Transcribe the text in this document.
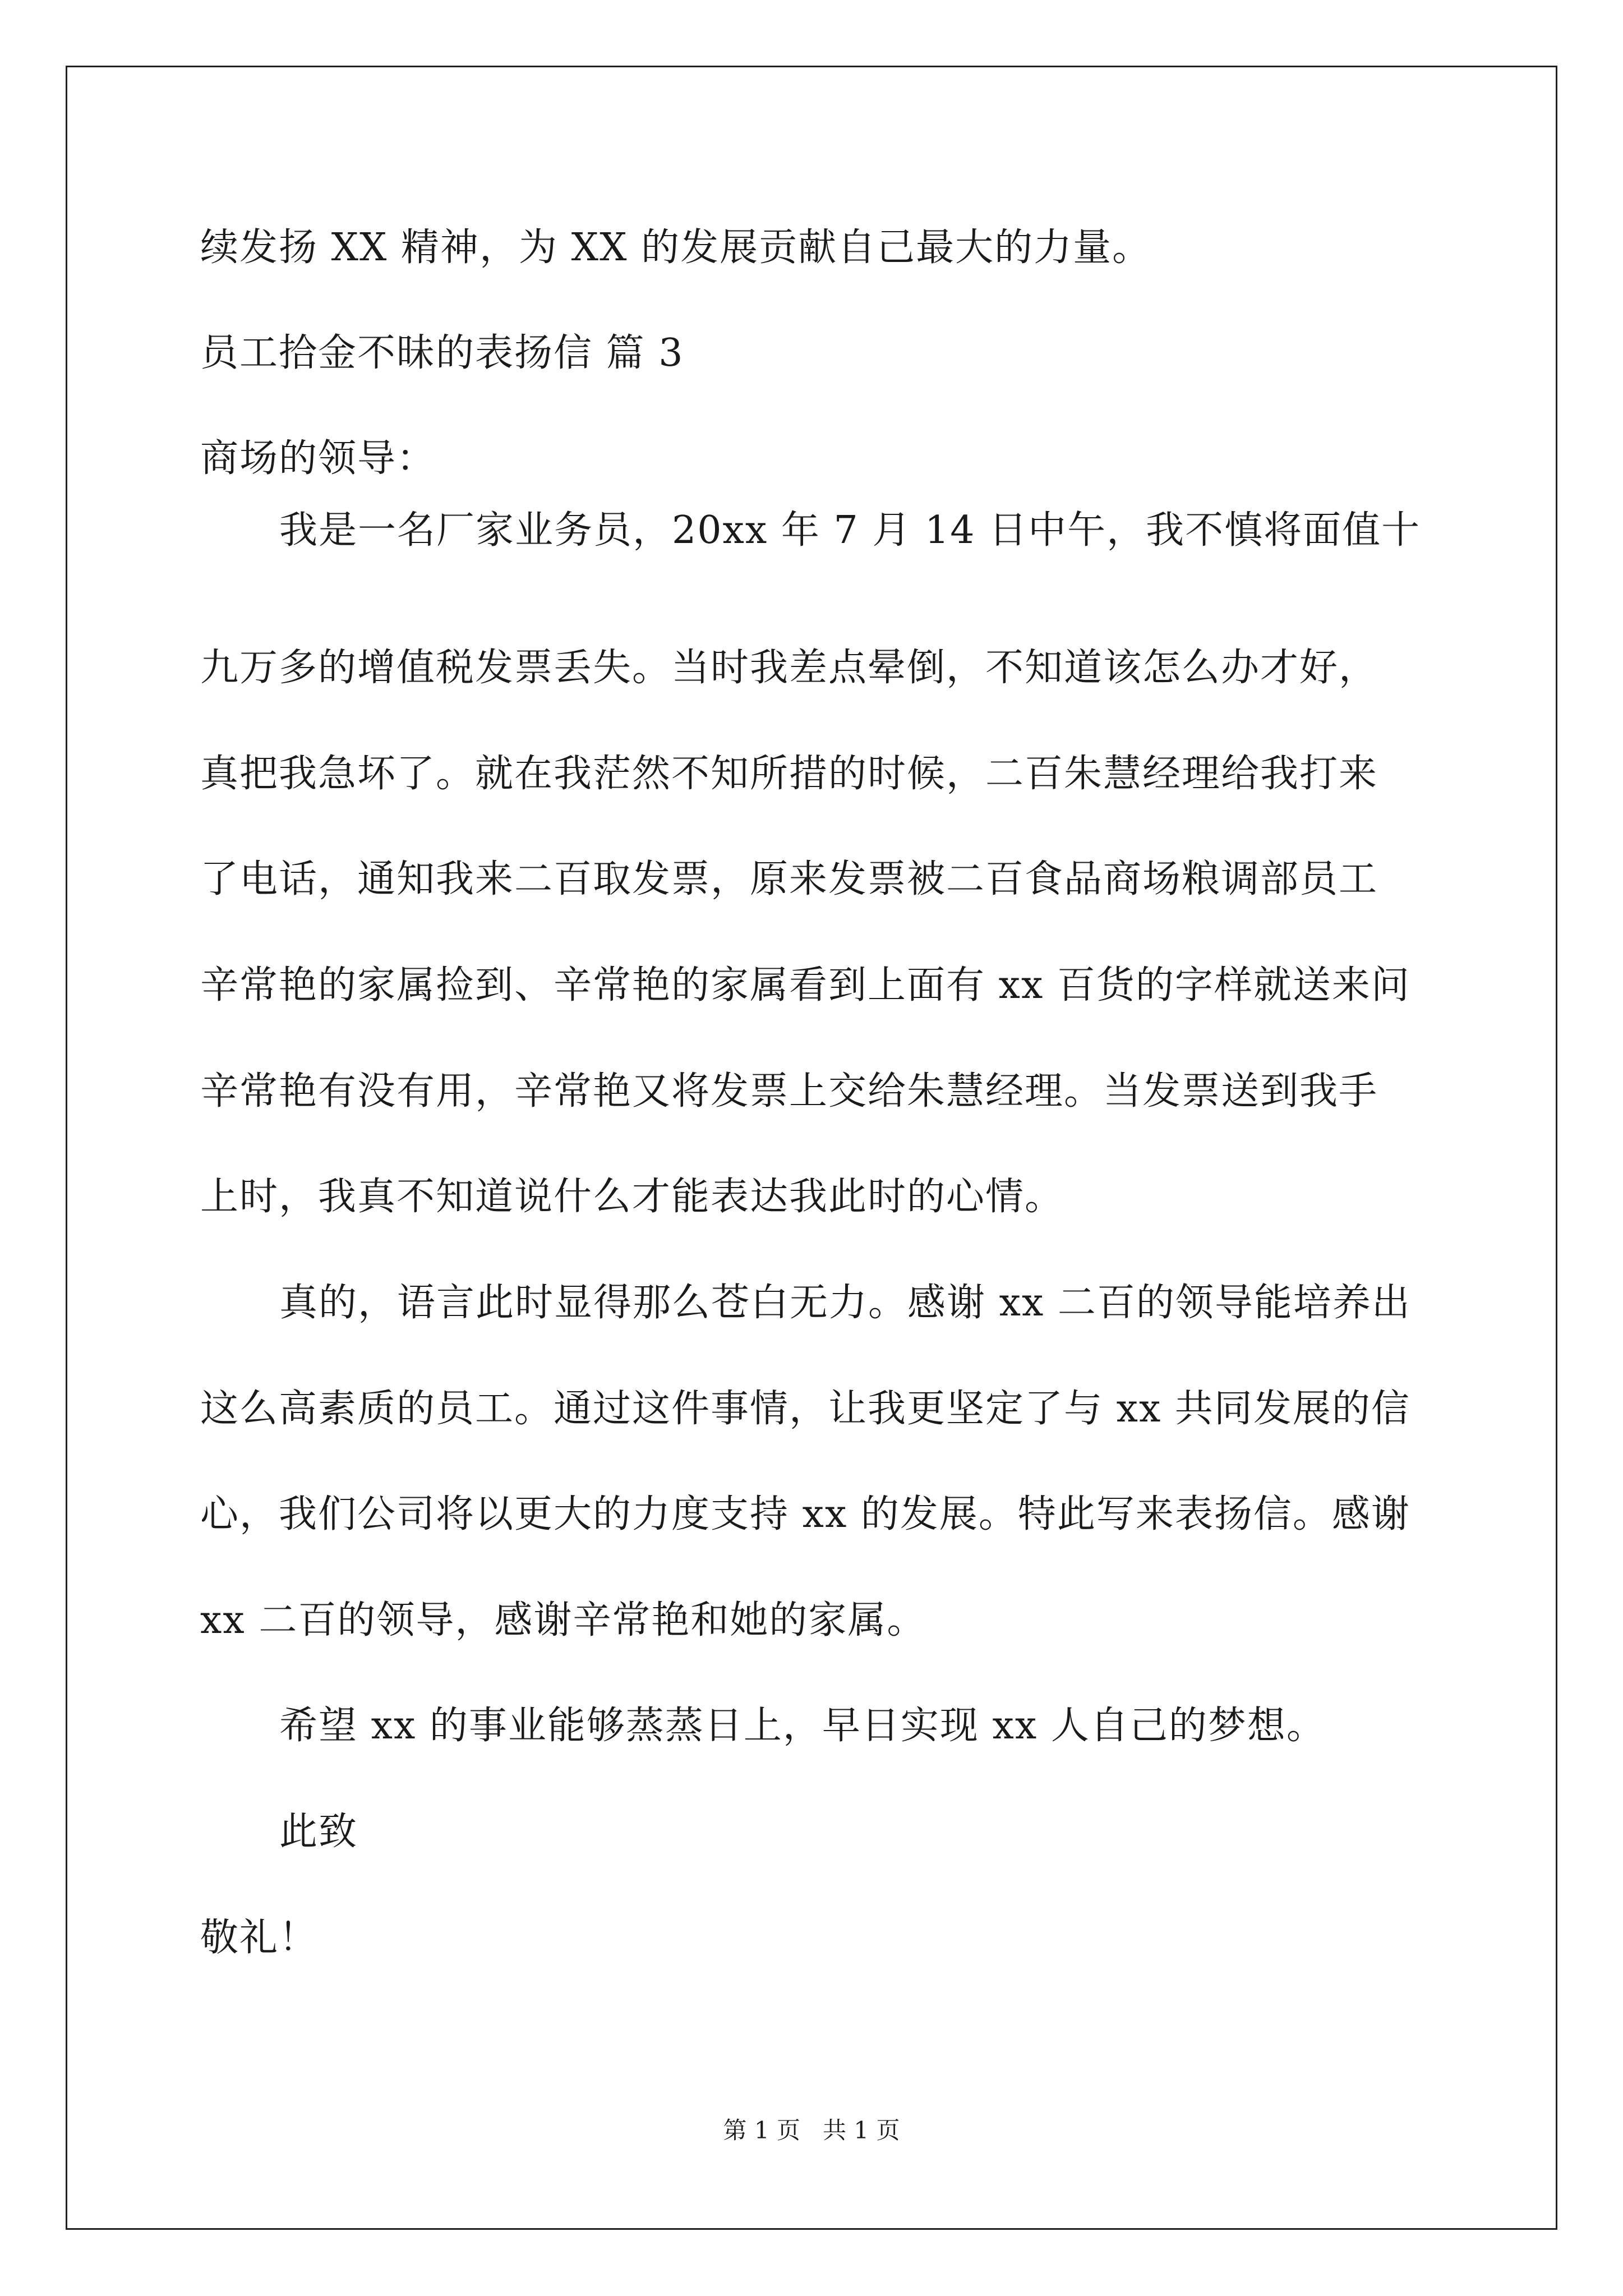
续发扬 XX 精神，为 XX 的发展贡献自己最大的力量。
员工拾金不昧的表扬信 篇 3
商场的领导：
我是一名厂家业务员，20xx 年 7 月 14 日中午，我不慎将面值十
九万多的增值税发票丢失。当时我差点晕倒，不知道该怎么办才好，
真把我急坏了。就在我茫然不知所措的时候，二百朱慧经理给我打来
了电话，通知我来二百取发票，原来发票被二百食品商场粮调部员工
辛常艳的家属捡到、辛常艳的家属看到上面有 xx 百货的字样就送来问
辛常艳有没有用，辛常艳又将发票上交给朱慧经理。当发票送到我手
上时，我真不知道说什么才能表达我此时的心情。
真的，语言此时显得那么苍白无力。感谢 xx 二百的领导能培养出
这么高素质的员工。通过这件事情，让我更坚定了与 xx 共同发展的信
心，我们公司将以更大的力度支持 xx 的发展。特此写来表扬信。感谢
xx 二百的领导，感谢辛常艳和她的家属。
希望 xx 的事业能够蒸蒸日上，早日实现 xx 人自己的梦想。
此致
敬礼！
第 1 页   共 1 页
